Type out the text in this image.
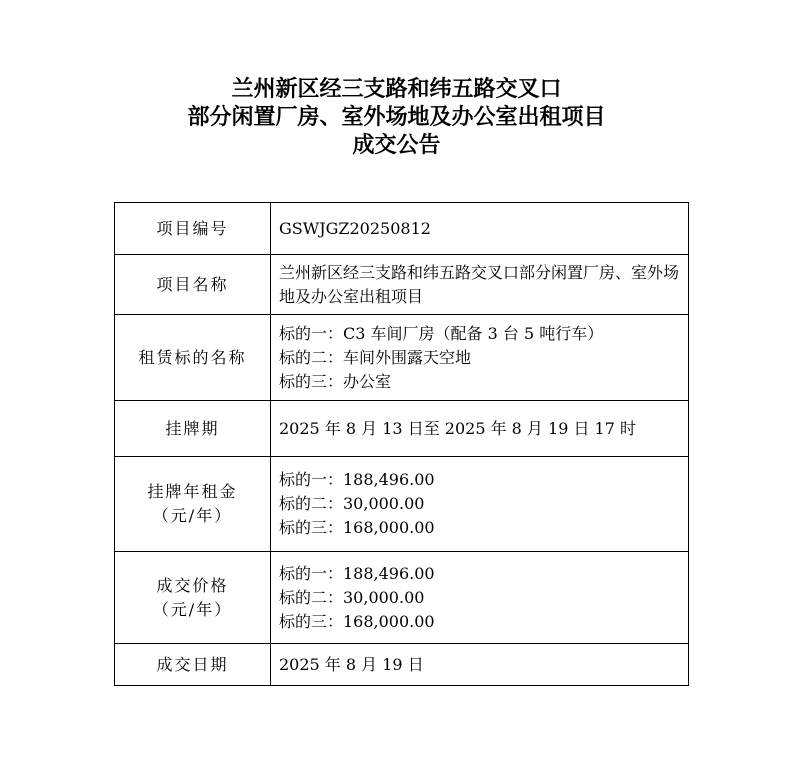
兰州新区经三支路和纬五路交叉口
部分闲置厂房、室外场地及办公室出租项目
成交公告
项目编号	GSWJGZ20250812

项目名称	兰州新区经三支路和纬五路交叉口部分闲置厂房、室外场地及办公室出租项目

租赁标的名称	标的一：C3 车间厂房（配备 3 台 5 吨行车）
标的二：车间外围露天空地
标的三：办公室

挂牌期	2025 年 8 月 13 日至 2025 年 8 月 19 日 17 时

挂牌年租金
（元/年）	标的一：188,496.00
标的二：30,000.00
标的三：168,000.00

成交价格
（元/年）	标的一：188,496.00
标的二：30,000.00
标的三：168,000.00

成交日期	2025 年 8 月 19 日
